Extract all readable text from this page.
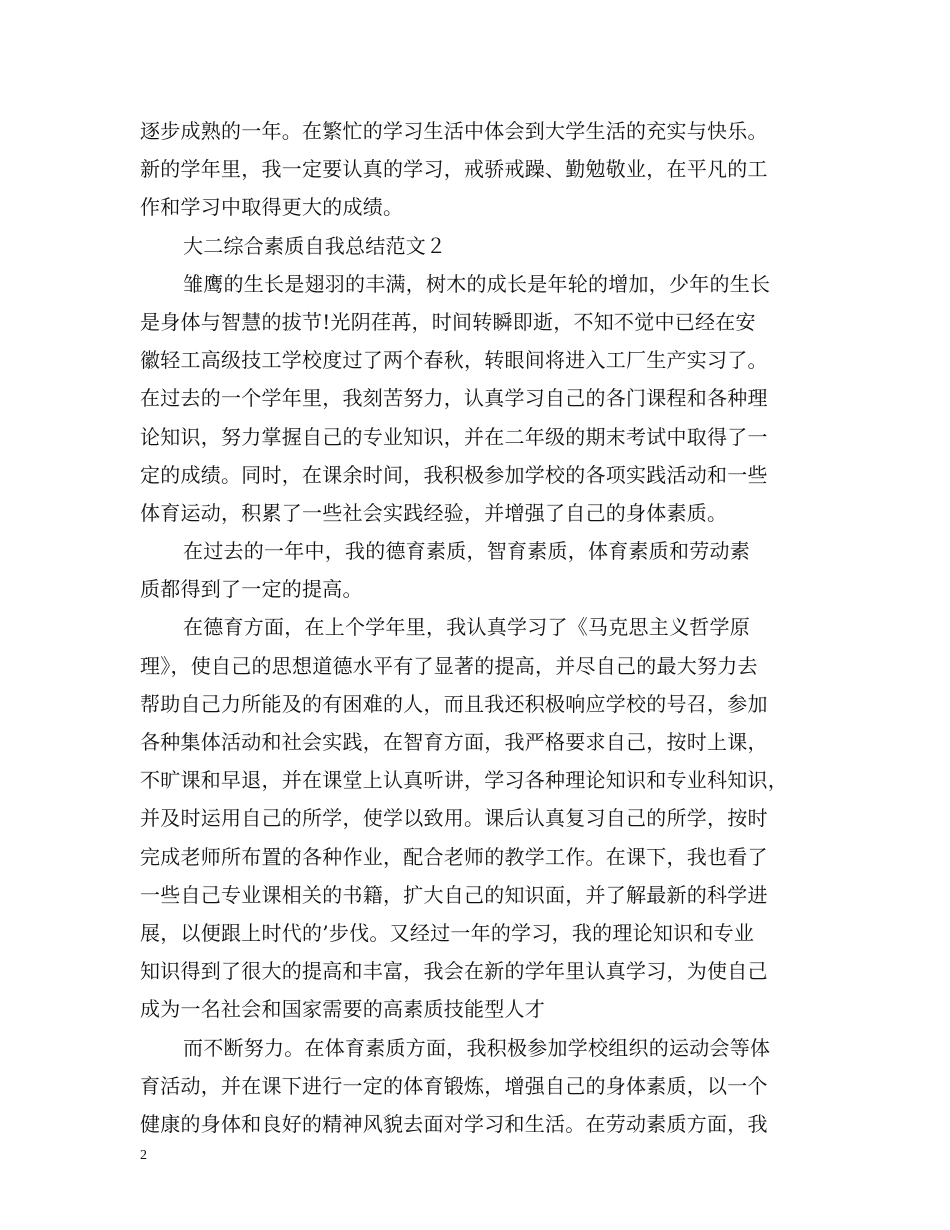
逐步成熟的一年。在繁忙的学习生活中体会到大学生活的充实与快乐。
新的学年里，我一定要认真的学习，戒骄戒躁、勤勉敬业，在平凡的工
作和学习中取得更大的成绩。
大二综合素质自我总结范文２
雏鹰的生长是翅羽的丰满，树木的成长是年轮的增加，少年的生长
是身体与智慧的拔节!光阴荏苒，时间转瞬即逝，不知不觉中已经在安
徽轻工高级技工学校度过了两个春秋，转眼间将进入工厂生产实习了。
在过去的一个学年里，我刻苦努力，认真学习自己的各门课程和各种理
论知识，努力掌握自己的专业知识，并在二年级的期末考试中取得了一
定的成绩。同时，在课余时间，我积极参加学校的各项实践活动和一些
体育运动，积累了一些社会实践经验，并增强了自己的身体素质。
在过去的一年中，我的德育素质，智育素质，体育素质和劳动素
质都得到了一定的提高。
在德育方面，在上个学年里，我认真学习了《马克思主义哲学原
理》，使自己的思想道德水平有了显著的提高，并尽自己的最大努力去
帮助自己力所能及的有困难的人，而且我还积极响应学校的号召，参加
各种集体活动和社会实践，在智育方面，我严格要求自己，按时上课，
不旷课和早退，并在课堂上认真听讲，学习各种理论知识和专业科知识，
并及时运用自己的所学，使学以致用。课后认真复习自己的所学，按时
完成老师所布置的各种作业，配合老师的教学工作。在课下，我也看了
一些自己专业课相关的书籍，扩大自己的知识面，并了解最新的科学进
展，以便跟上时代的’步伐。又经过一年的学习，我的理论知识和专业
知识得到了很大的提高和丰富，我会在新的学年里认真学习，为使自己
成为一名社会和国家需要的高素质技能型人才
而不断努力。在体育素质方面，我积极参加学校组织的运动会等体
育活动，并在课下进行一定的体育锻炼，增强自己的身体素质，以一个
健康的身体和良好的精神风貌去面对学习和生活。在劳动素质方面，我
2
